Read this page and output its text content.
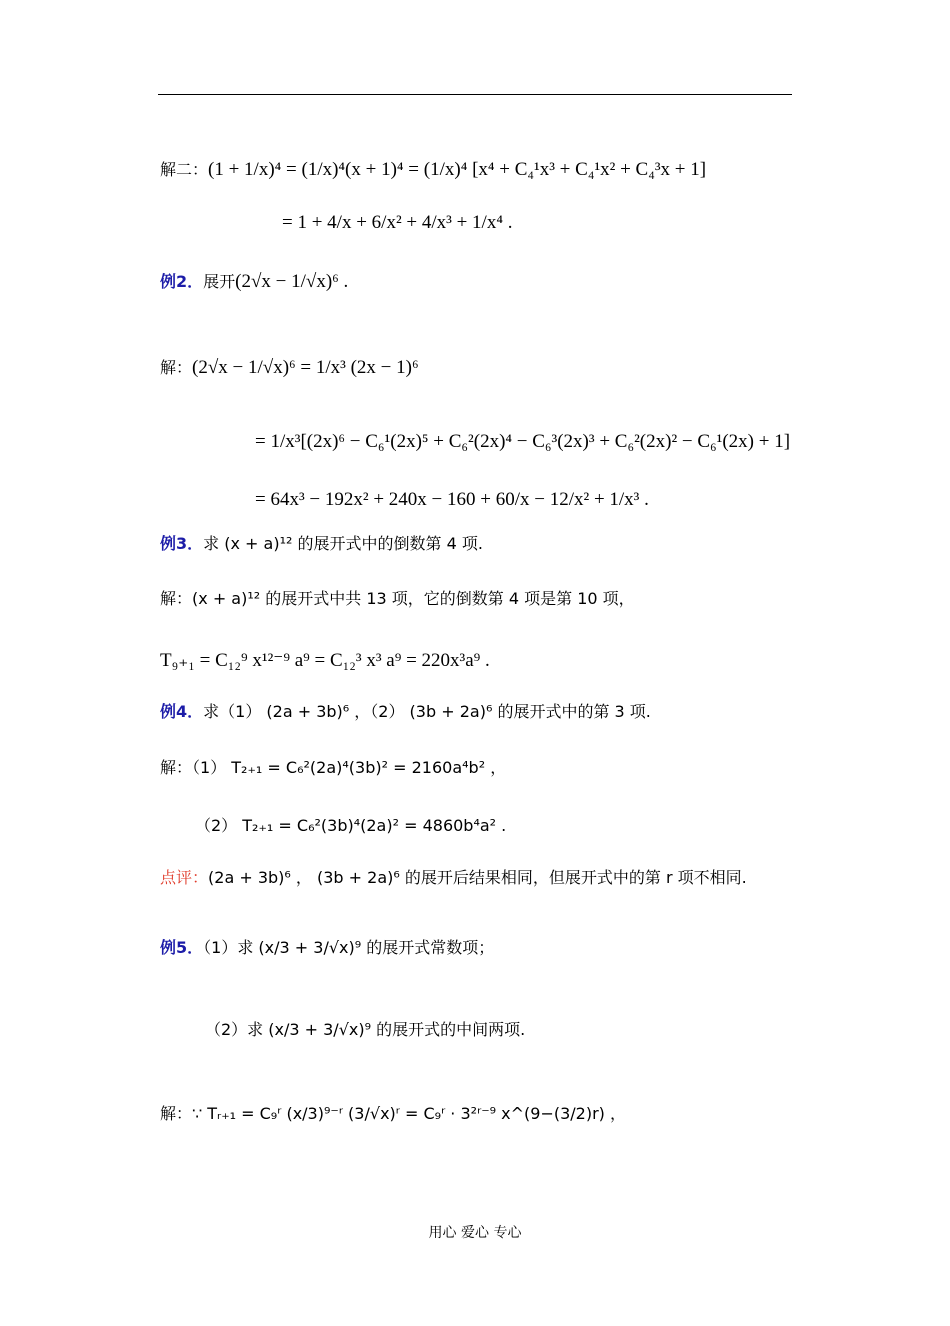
解二：(1 + 1/x)⁴ = (1/x)⁴(x + 1)⁴ = (1/x)⁴ [x⁴ + C₄¹x³ + C₄¹x² + C₄³x + 1]
= 1 + 4/x + 6/x² + 4/x³ + 1/x⁴ .
例2．展开(2√x − 1/√x)⁶ .
解：(2√x − 1/√x)⁶ = 1/x³ (2x − 1)⁶
= 1/x³[(2x)⁶ − C₆¹(2x)⁵ + C₆²(2x)⁴ − C₆³(2x)³ + C₆²(2x)² − C₆¹(2x) + 1]
= 64x³ − 192x² + 240x − 160 + 60/x − 12/x² + 1/x³ .
例3．求 (x + a)¹² 的展开式中的倒数第 4 项.
解：(x + a)¹² 的展开式中共 13 项，它的倒数第 4 项是第 10 项，
T₉₊₁ = C₁₂⁹ x¹²⁻⁹ a⁹ = C₁₂³ x³ a⁹ = 220x³a⁹ .
例4．求（1） (2a + 3b)⁶ ，（2） (3b + 2a)⁶ 的展开式中的第 3 项.
解：（1） T₂₊₁ = C₆²(2a)⁴(3b)² = 2160a⁴b² ，
（2） T₂₊₁ = C₆²(3b)⁴(2a)² = 4860b⁴a² .
点评：(2a + 3b)⁶ ， (3b + 2a)⁶ 的展开后结果相同，但展开式中的第 r 项不相同.
例5．（1）求 (x/3 + 3/√x)⁹ 的展开式常数项；
（2）求 (x/3 + 3/√x)⁹ 的展开式的中间两项.
解：∵ Tᵣ₊₁ = C₉ʳ (x/3)⁹⁻ʳ (3/√x)ʳ = C₉ʳ · 3²ʳ⁻⁹ x^(9−(3/2)r) ，
用心 爱心 专心
